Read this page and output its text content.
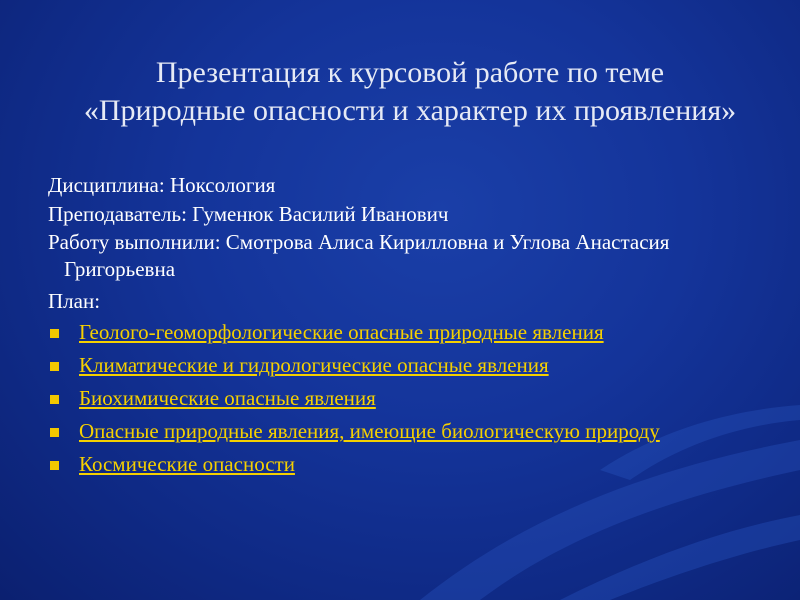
Презентация к курсовой работе по теме
«Природные опасности и характер их проявления»
Дисциплина: Ноксология
Преподаватель: Гуменюк Василий Иванович
Работу выполнили: Смотрова Алиса Кирилловна и Углова Анастасия Григорьевна
План:
Геолого-геоморфологические опасные природные явления
Климатические и гидрологические опасные явления
Биохимические опасные явления
Опасные природные явления, имеющие биологическую природу
Космические опасности
